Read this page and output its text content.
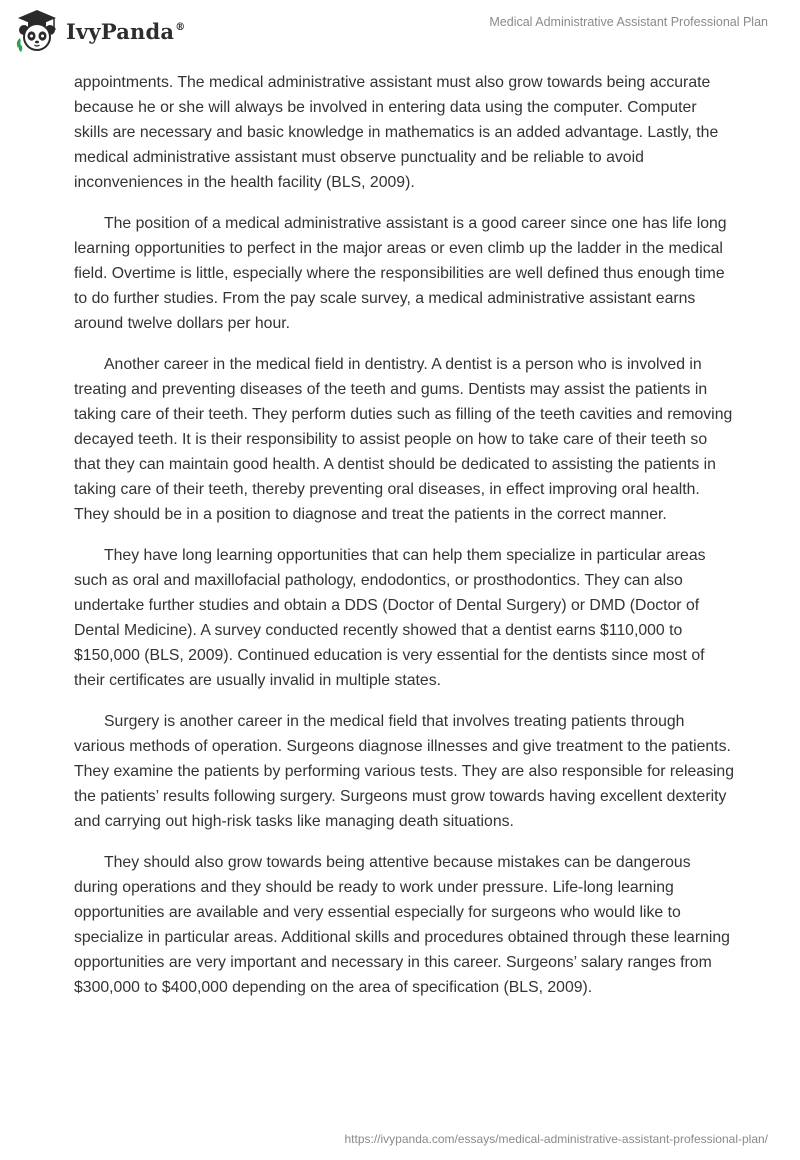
IvyPanda®	Medical Administrative Assistant Professional Plan

appointments. The medical administrative assistant must also grow towards being accurate because he or she will always be involved in entering data using the computer. Computer skills are necessary and basic knowledge in mathematics is an added advantage. Lastly, the medical administrative assistant must observe punctuality and be reliable to avoid inconveniences in the health facility (BLS, 2009).

The position of a medical administrative assistant is a good career since one has life long learning opportunities to perfect in the major areas or even climb up the ladder in the medical field. Overtime is little, especially where the responsibilities are well defined thus enough time to do further studies. From the pay scale survey, a medical administrative assistant earns around twelve dollars per hour.

Another career in the medical field in dentistry. A dentist is a person who is involved in treating and preventing diseases of the teeth and gums. Dentists may assist the patients in taking care of their teeth. They perform duties such as filling of the teeth cavities and removing decayed teeth. It is their responsibility to assist people on how to take care of their teeth so that they can maintain good health. A dentist should be dedicated to assisting the patients in taking care of their teeth, thereby preventing oral diseases, in effect improving oral health. They should be in a position to diagnose and treat the patients in the correct manner.

They have long learning opportunities that can help them specialize in particular areas such as oral and maxillofacial pathology, endodontics, or prosthodontics. They can also undertake further studies and obtain a DDS (Doctor of Dental Surgery) or DMD (Doctor of Dental Medicine). A survey conducted recently showed that a dentist earns $110,000 to $150,000 (BLS, 2009). Continued education is very essential for the dentists since most of their certificates are usually invalid in multiple states.

Surgery is another career in the medical field that involves treating patients through various methods of operation. Surgeons diagnose illnesses and give treatment to the patients. They examine the patients by performing various tests. They are also responsible for releasing the patients’ results following surgery. Surgeons must grow towards having excellent dexterity and carrying out high-risk tasks like managing death situations.

They should also grow towards being attentive because mistakes can be dangerous during operations and they should be ready to work under pressure. Life-long learning opportunities are available and very essential especially for surgeons who would like to specialize in particular areas. Additional skills and procedures obtained through these learning opportunities are very important and necessary in this career. Surgeons’ salary ranges from $300,000 to $400,000 depending on the area of specification (BLS, 2009).

https://ivypanda.com/essays/medical-administrative-assistant-professional-plan/
